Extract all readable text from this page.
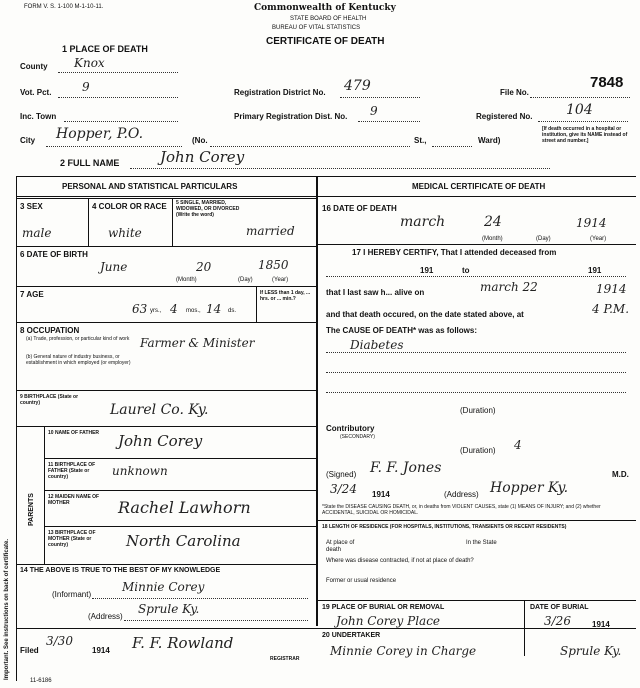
Important. See instructions on back of certificate.
FORM V. S. 1-100 M-1-10-11.	Commonwealth of Kentucky
STATE BOARD OF HEALTH
BUREAU OF VITAL STATISTICS
CERTIFICATE OF DEATH
1 PLACE OF DEATH
County Knox
Vot. Pct.	9
Inc. Town
City Hopper, P.O.	(No.	St.,	Ward)
[If death occurred in a hospital or institution, give its NAME instead of street and number.]
Registration District No. 479
Primary Registration Dist. No. 9
File No.
7848
Registered No. 104
2 FULL NAME	John Corey
PERSONAL AND STATISTICAL PARTICULARS	MEDICAL CERTIFICATE OF DEATH
3 SEX
male
4 COLOR OR RACE
white
5 SINGLE, MARRIED, WIDOWED, OR DIVORCED (Write the word)
married
6 DATE OF BIRTH
June	20	1850
(Month)	(Day)	(Year)
7 AGE
63 yrs., 4 mos., 14 ds.
If LESS than 1 day, ... hrs. or ... min.?
8 OCCUPATION
(a) Trade, profession, or particular kind of work
(b) General nature of industry business, or establishment in which employed (or employer)
Farmer & Minister
9 BIRTHPLACE (State or country)	Laurel Co. Ky.
PARENTS
10 NAME OF FATHER	John Corey
11 BIRTHPLACE OF FATHER (State or country)	unknown
12 MAIDEN NAME OF MOTHER	Rachel Lawhorn
13 BIRTHPLACE OF MOTHER (State or country)	North Carolina
14 THE ABOVE IS TRUE TO THE BEST OF MY KNOWLEDGE
(Informant)
Minnie Corey
(Address)
Sprule Ky.
Filed
3/30
1914 F. F. Rowland
REGISTRAR
11-6186
16 DATE OF DEATH
march	24	1914
(Month)	(Day)	(Year)
17 I HEREBY CERTIFY, That I attended deceased from
191	to	191
that I last saw h... alive on	march 22	1914
and that death occured, on the date stated above, at	4 P.M.
The CAUSE OF DEATH* was as follows:
Diabetes
(Duration)
Contributory
(SECONDARY)
(Duration) 4
(Signed) F. F. Jones	M.D.
3/24 1914	(Address) Hopper Ky.
*State the DISEASE CAUSING DEATH, or, in deaths from VIOLENT CAUSES, state (1) MEANS OF INJURY; and (2) whether ACCIDENTAL, SUICIDAL OR HOMICIDAL.
18 LENGTH OF RESIDENCE (FOR HOSPITALS, INSTITUTIONS, TRANSIENTS OR RECENT RESIDENTS)
At place of death
In the State
Where was disease contracted, if not at place of death?
Former or usual residence
19 PLACE OF BURIAL OR REMOVAL
John Corey Place
DATE OF BURIAL
3/26	1914
20 UNDERTAKER
Minnie Corey in Charge	Sprule Ky.
